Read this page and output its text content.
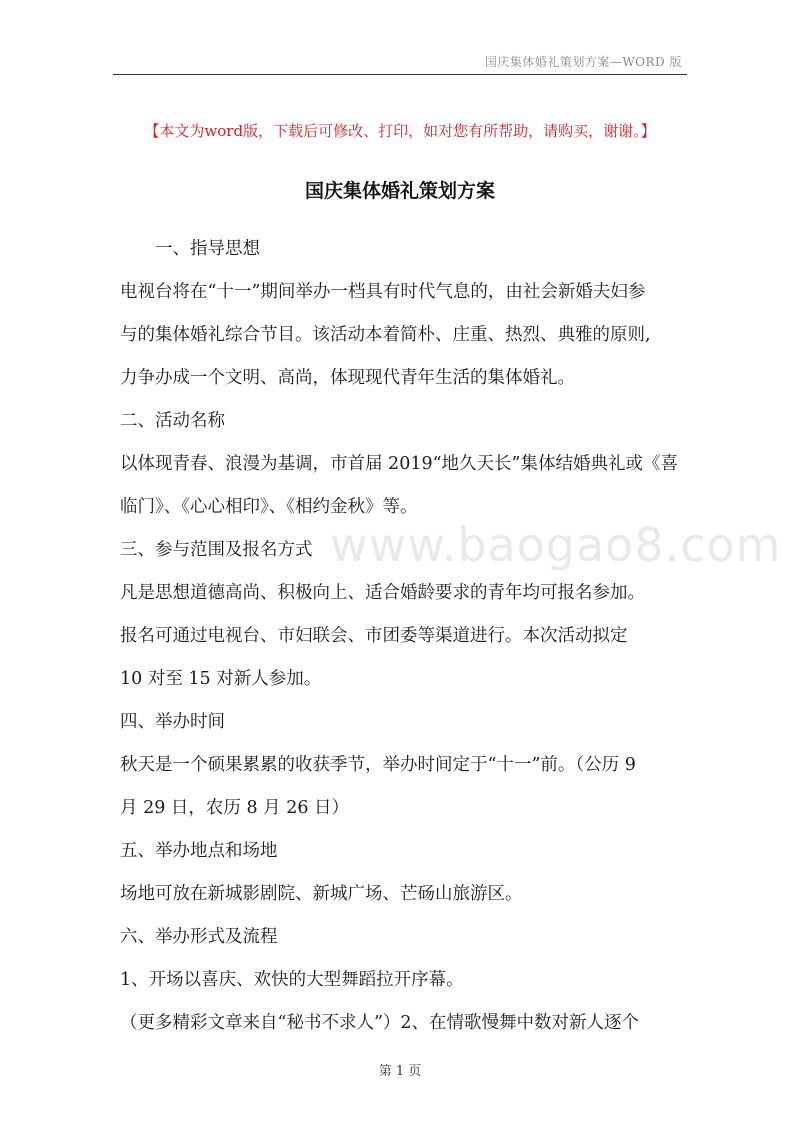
国庆集体婚礼策划方案—WORD 版
【本文为word版，下载后可修改、打印，如对您有所帮助，请购买，谢谢。】
国庆集体婚礼策划方案
一、指导思想
电视台将在“十一”期间举办一档具有时代气息的，由社会新婚夫妇参
与的集体婚礼综合节目。该活动本着简朴、庄重、热烈、典雅的原则,
力争办成一个文明、高尚，体现现代青年生活的集体婚礼。
二、活动名称
以体现青春、浪漫为基调，市首届 2019“地久天长”集体结婚典礼或《喜
临门》、《心心相印》、《相约金秋》等。
三、参与范围及报名方式
凡是思想道德高尚、积极向上、适合婚龄要求的青年均可报名参加。
报名可通过电视台、市妇联会、市团委等渠道进行。本次活动拟定
10 对至 15 对新人参加。
四、举办时间
秋天是一个硕果累累的收获季节，举办时间定于“十一”前。（公历 9
月 29 日，农历 8 月 26 日）
五、举办地点和场地
场地可放在新城影剧院、新城广场、芒砀山旅游区。
六、举办形式及流程
1、开场以喜庆、欢快的大型舞蹈拉开序幕。
（更多精彩文章来自“秘书不求人”）2、在情歌慢舞中数对新人逐个
www.baogao8.com
第 1 页
